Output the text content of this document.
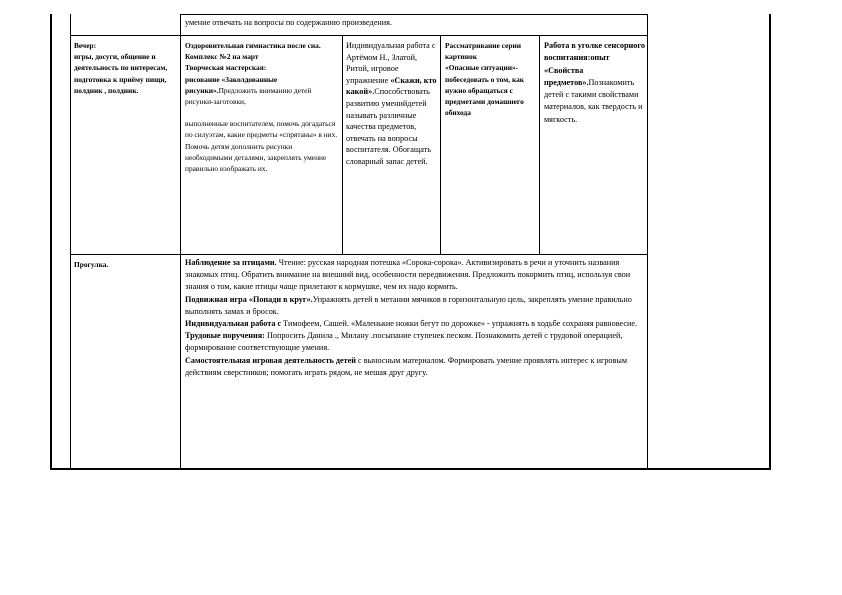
умение отвечать на вопросы по содержанию произведения.
Вечер:
игры, досуги, общение и деятельность по интересам, подготовка к приёму пищи, полдник , полдник.
Оздоровительная гимнастика после сна.
Комплекс №2 на март
Творческая мастерская:
рисование «Заколдованные рисунки».Предложить вниманию детей рисунки-заготовки,

выполненные воспитателем, помочь догадаться по силуэтам, какие предметы «спрятаны» в них. Помочь детям дополнить рисунки необходимыми деталями, закреплять умение правильно изображать их.

Индивидуальная работа с Артёмом Н., Златой, Ритой, игровое упражнение «Скажи, кто какой».Способствовать развитию уменийдетей называть различные качества предметов, отвечать на вопросы воспитателя. Обогащать словарный запас детей.
Рассматривание серии картинок
«Опасные ситуации»-
побеседовать о том, как нужно обращаться с предметами домашнего обихода
Работа в уголке сенсорного воспитания:опыт «Свойства предметов».Познакомить детей с такими свойствами материалов, как твердость и мягкость.
Прогулка.	Наблюдение за птицами. Чтение: русская народная потешка «Сорока-сорока». Активизировать в речи и уточнить названия знакомых птиц. Обратить внимание на внешний вид, особенности передвижения. Предложить покормить птиц, используя свои знания о том, какие птицы чаще прилетают к кормушке, чем их надо кормить.

Подвижная игра «Попади в круг».Упражнять детей в метании мячиков в горизонтальную цель, закреплять умение правильно выполнять замах и бросок.

Индивидуальная работа с Тимофеем, Сашей. «Маленькие ножки бегут по дорожке» - упражнять в ходьбе сохраняя равновесие.

Трудовые поручения: Попросить Данила ., Милану .посыпание ступенек песком. Познакомить детей с трудовой операцией, формирование соответствующие умения.

Самостоятельная игровая деятельность детей с выносным материалом. Формировать умение проявлять интерес к игровым действиям сверстников; помогать играть рядом, не мешая друг другу.
